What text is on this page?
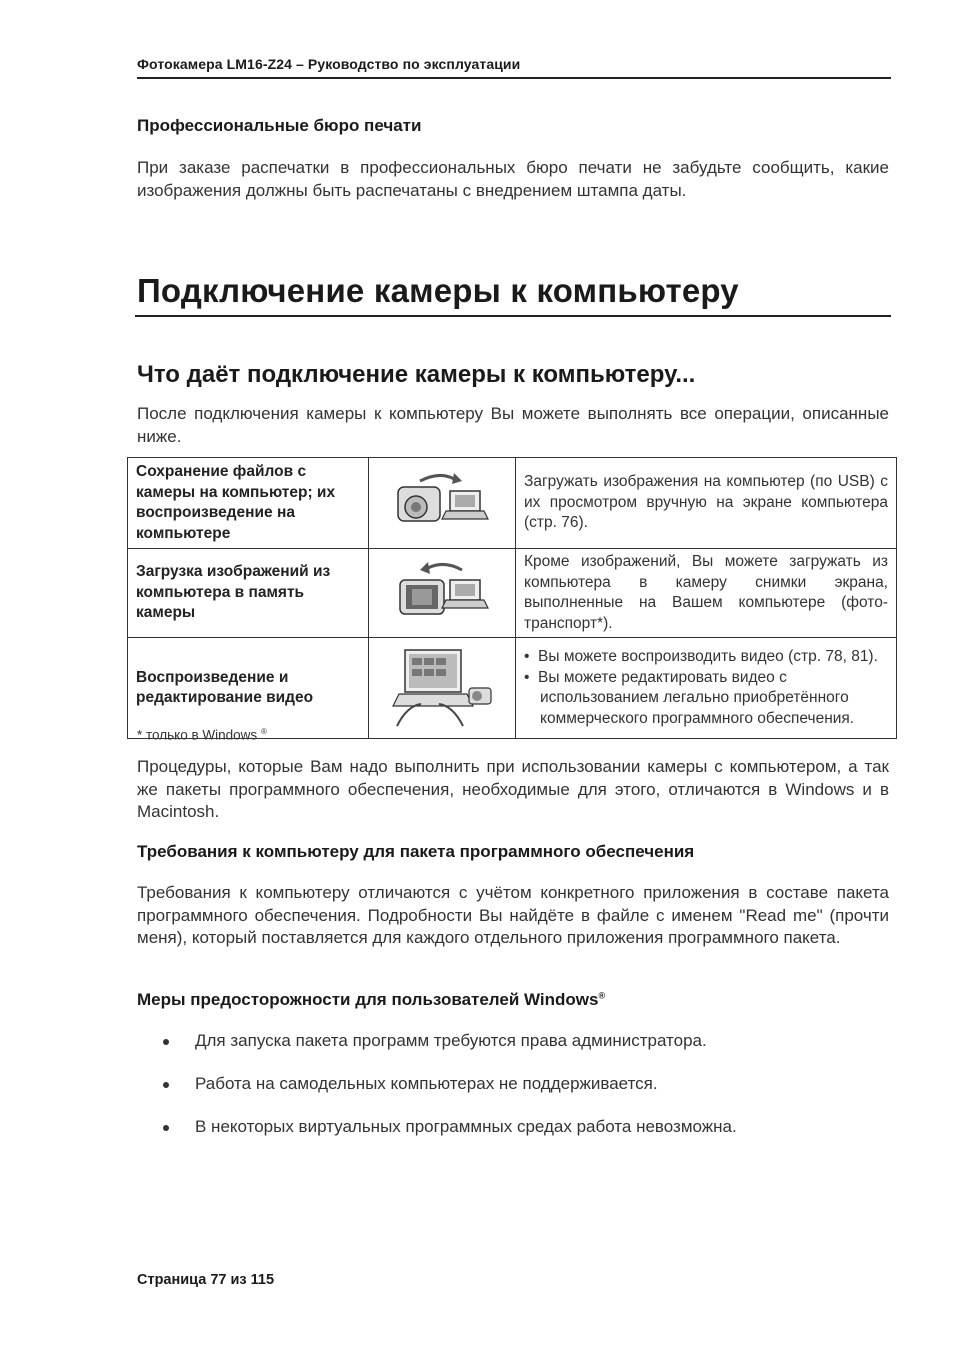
Фотокамера LM16-Z24 – Руководство по эксплуатации
Профессиональные бюро печати
При заказе распечатки в профессиональных бюро печати не забудьте сообщить, какие изображения должны быть распечатаны с внедрением штампа даты.
Подключение камеры к компьютеру
Что даёт подключение камеры к компьютеру...
После подключения камеры к компьютеру Вы можете выполнять все операции, описанные ниже.
Сохранение файлов с камеры на компьютер; их воспроизведение на компьютере		Загружать изображения на компьютер (по USB) с их просмотром вручную на экране компьютера (стр. 76).
Загрузка изображений из компьютера в память камеры		Кроме изображений, Вы можете загружать из компьютера в камеру снимки экрана, выполненные на Вашем компьютере (фото-транспорт*).
Воспроизведение и редактирование видео		•  Вы можете воспроизводить видео (стр. 78, 81).
•  Вы можете редактировать видео с использованием легально приобретённого коммерческого программного обеспечения.
* только в Windows ®
Процедуры, которые Вам надо выполнить при использовании камеры с компьютером, а так же пакеты программного обеспечения, необходимые для этого, отличаются в Windows и в Macintosh.
Требования к компьютеру для пакета программного обеспечения
Требования к компьютеру отличаются с учётом конкретного приложения в составе пакета программного обеспечения. Подробности Вы найдёте в файле с именем "Read me" (прочти меня), который поставляется для каждого отдельного приложения программного пакета.
Меры предосторожности для пользователей Windows®
Для запуска пакета программ требуются права администратора.
Работа на самодельных компьютерах не поддерживается.
В некоторых виртуальных программных средах работа невозможна.
Страница 77 из 115
